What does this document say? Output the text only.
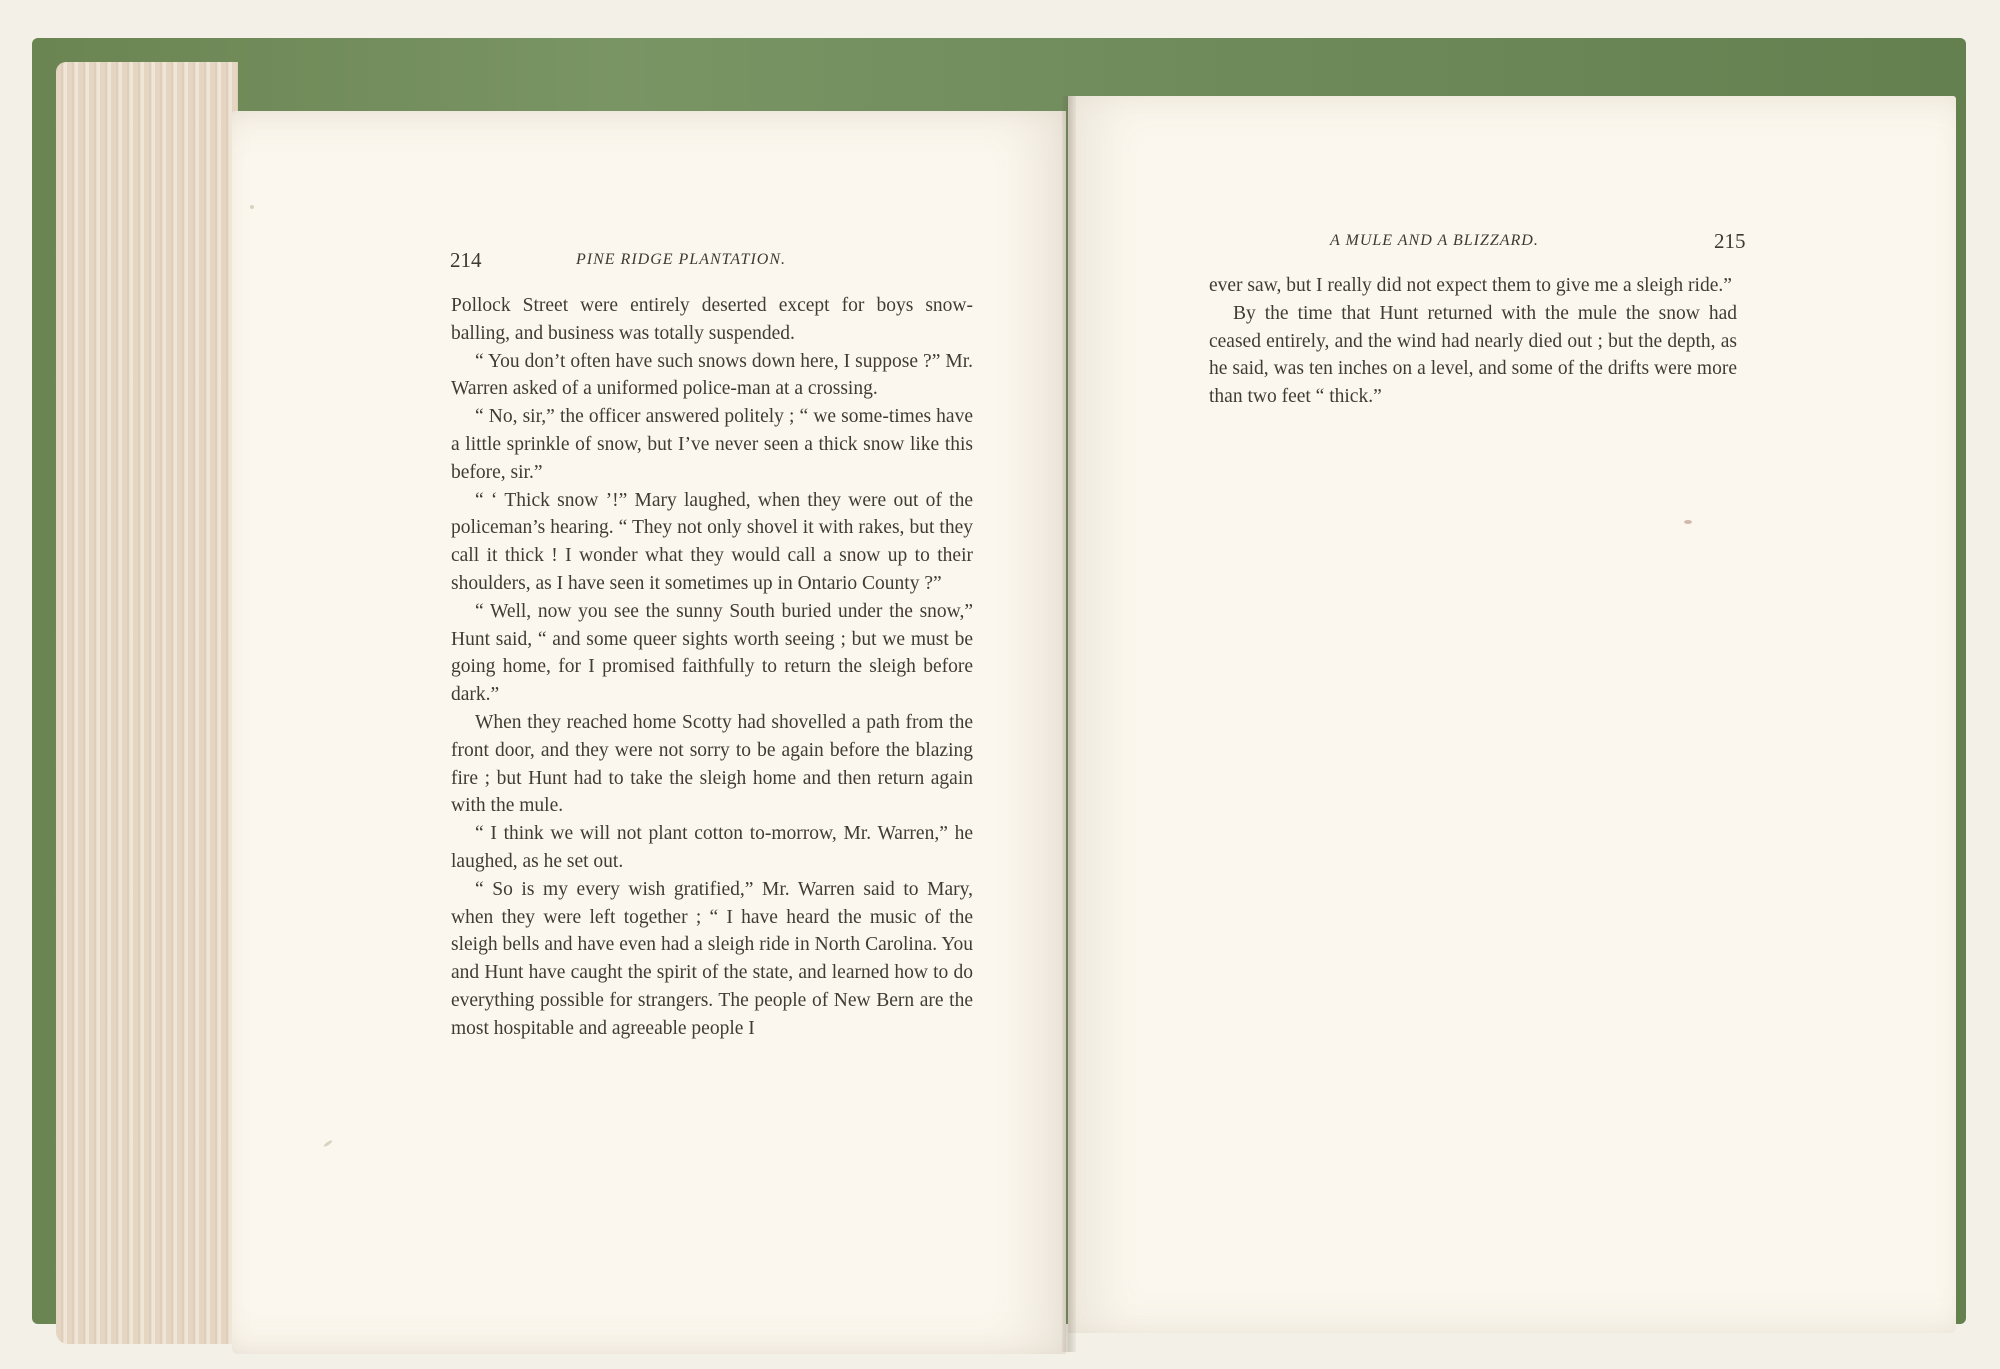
214	PINE RIDGE PLANTATION.

Pollock Street were entirely deserted except for boys snow-balling, and business was totally suspended.

“ You don’t often have such snows down here, I suppose ?” Mr. Warren asked of a uniformed police-man at a crossing.

“ No, sir,” the officer answered politely ; “ we some-times have a little sprinkle of snow, but I’ve never seen a thick snow like this before, sir.”

“ ‘ Thick snow ’!” Mary laughed, when they were out of the policeman’s hearing. “ They not only shovel it with rakes, but they call it thick ! I wonder what they would call a snow up to their shoulders, as I have seen it sometimes up in Ontario County ?”

“ Well, now you see the sunny South buried under the snow,” Hunt said, “ and some queer sights worth seeing ; but we must be going home, for I promised faithfully to return the sleigh before dark.”

When they reached home Scotty had shovelled a path from the front door, and they were not sorry to be again before the blazing fire ; but Hunt had to take the sleigh home and then return again with the mule.

“ I think we will not plant cotton to-morrow, Mr. Warren,” he laughed, as he set out.

“ So is my every wish gratified,” Mr. Warren said to Mary, when they were left together ; “ I have heard the music of the sleigh bells and have even had a sleigh ride in North Carolina. You and Hunt have caught the spirit of the state, and learned how to do everything possible for strangers. The people of New Bern are the most hospitable and agreeable people I

A MULE AND A BLIZZARD.	215

ever saw, but I really did not expect them to give me a sleigh ride.”

By the time that Hunt returned with the mule the snow had ceased entirely, and the wind had nearly died out ; but the depth, as he said, was ten inches on a level, and some of the drifts were more than two feet “ thick.”
